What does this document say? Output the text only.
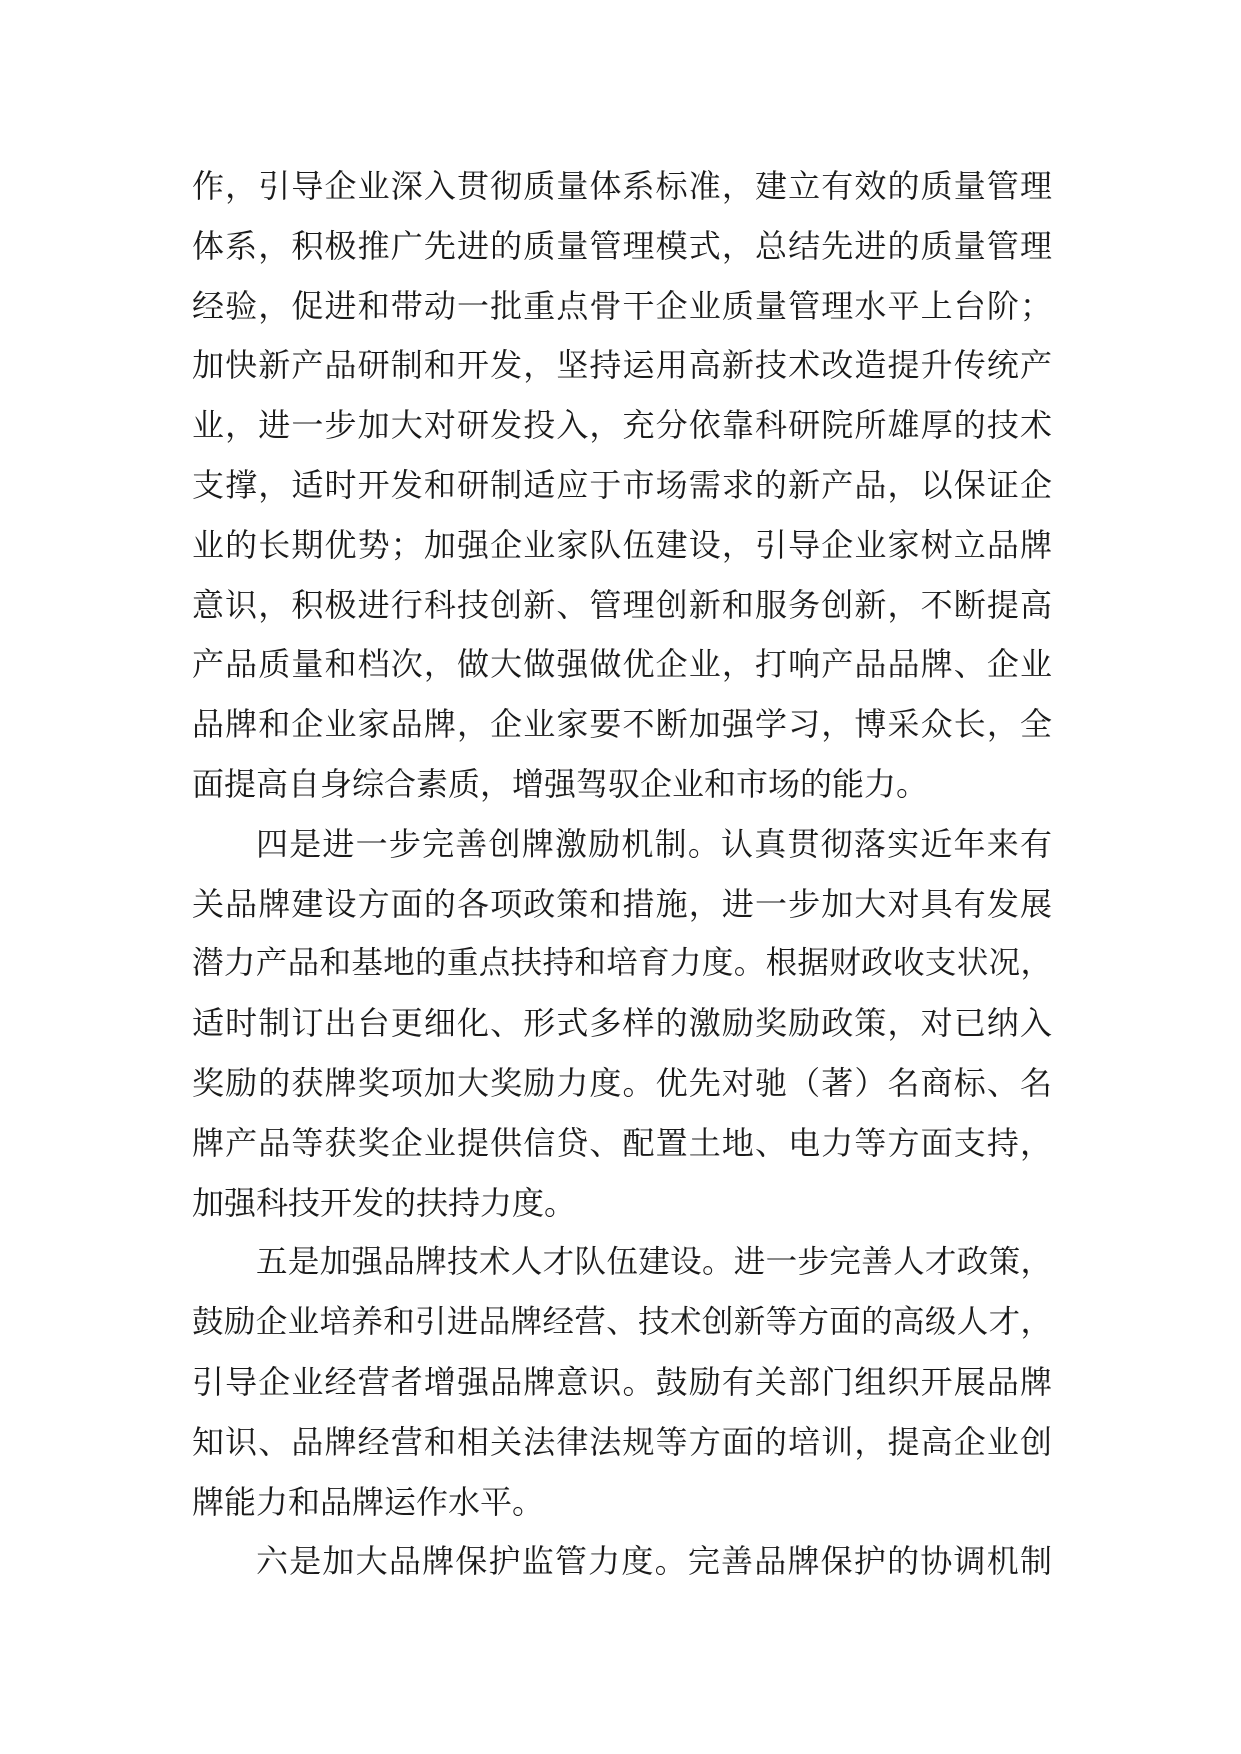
作，引导企业深入贯彻质量体系标准，建立有效的质量管理
体系，积极推广先进的质量管理模式，总结先进的质量管理
经验，促进和带动一批重点骨干企业质量管理水平上台阶；
加快新产品研制和开发，坚持运用高新技术改造提升传统产
业，进一步加大对研发投入，充分依靠科研院所雄厚的技术
支撑，适时开发和研制适应于市场需求的新产品，以保证企
业的长期优势；加强企业家队伍建设，引导企业家树立品牌
意识，积极进行科技创新、管理创新和服务创新，不断提高
产品质量和档次，做大做强做优企业，打响产品品牌、企业
品牌和企业家品牌，企业家要不断加强学习，博采众长，全
面提高自身综合素质，增强驾驭企业和市场的能力。
四是进一步完善创牌激励机制。认真贯彻落实近年来有
关品牌建设方面的各项政策和措施，进一步加大对具有发展
潜力产品和基地的重点扶持和培育力度。根据财政收支状况，
适时制订出台更细化、形式多样的激励奖励政策，对已纳入
奖励的获牌奖项加大奖励力度。优先对驰（著）名商标、名
牌产品等获奖企业提供信贷、配置土地、电力等方面支持，
加强科技开发的扶持力度。
五是加强品牌技术人才队伍建设。进一步完善人才政策，
鼓励企业培养和引进品牌经营、技术创新等方面的高级人才，
引导企业经营者增强品牌意识。鼓励有关部门组织开展品牌
知识、品牌经营和相关法律法规等方面的培训，提高企业创
牌能力和品牌运作水平。
六是加大品牌保护监管力度。完善品牌保护的协调机制
